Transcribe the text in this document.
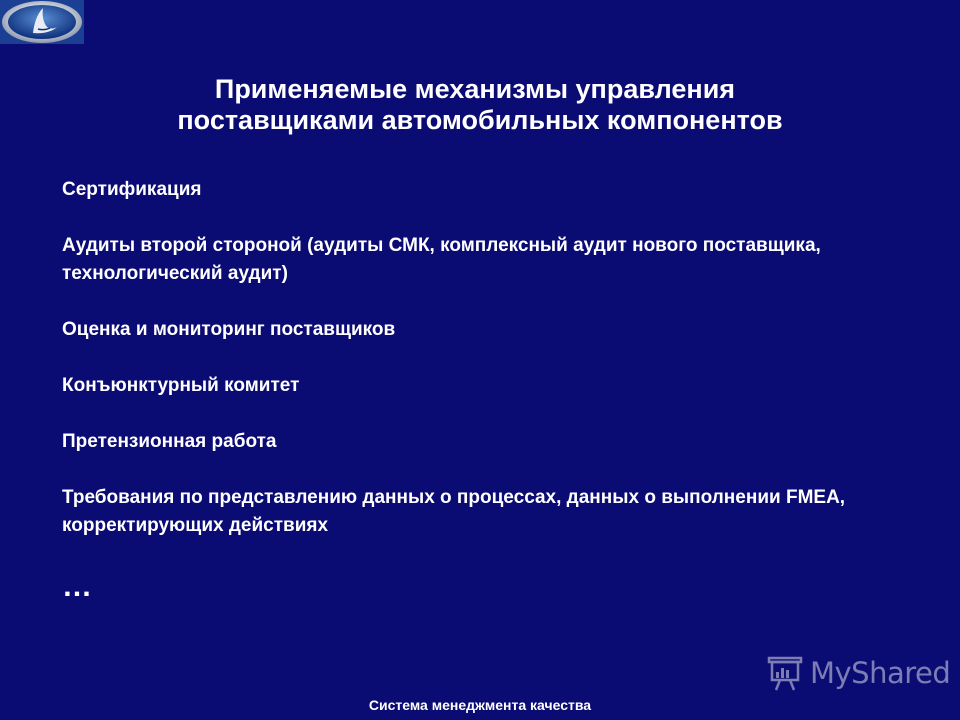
Применяемые механизмы управления
поставщиками автомобильных компонентов

Сертификация

Аудиты второй стороной (аудиты СМК, комплексный аудит нового поставщика, технологический аудит)

Оценка и мониторинг поставщиков

Конъюнктурный комитет

Претензионная работа

Требования по представлению данных о процессах, данных о выполнении FMEA, корректирующих действиях

…
MyShared
Система менеджмента качества
